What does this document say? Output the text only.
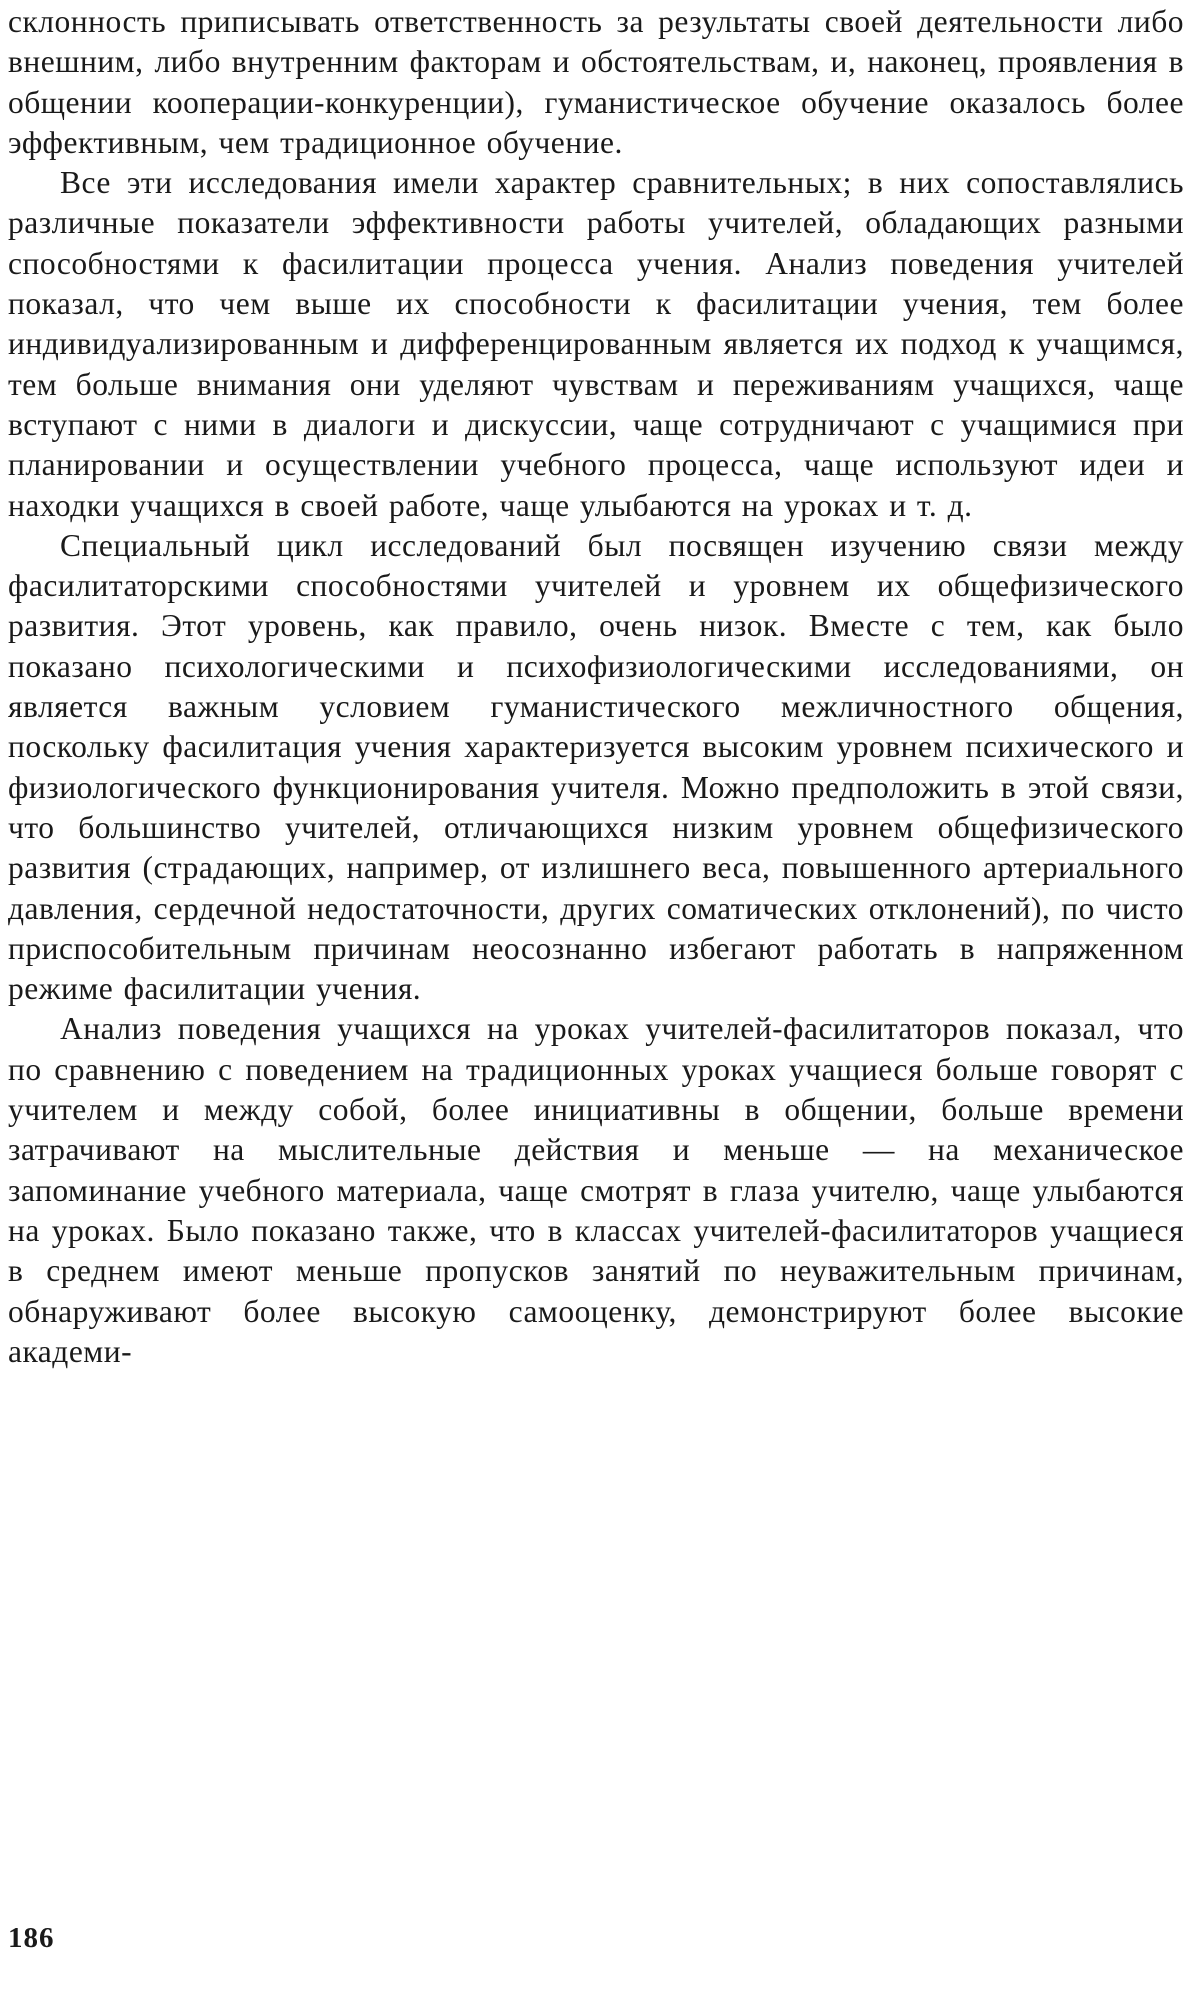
склонность приписывать ответственность за результаты своей деятельности либо внешним, либо внутренним факторам и обстоятельствам, и, наконец, проявления в общении кооперации-конкуренции), гуманистическое обучение оказалось более эффективным, чем традиционное обучение.

Все эти исследования имели характер сравнительных; в них сопоставлялись различные показатели эффективности работы учителей, обладающих разными способностями к фасилитации процесса учения. Анализ поведения учителей показал, что чем выше их способности к фасилитации учения, тем более индивидуализированным и дифференцированным является их подход к учащимся, тем больше внимания они уделяют чувствам и переживаниям учащихся, чаще вступают с ними в диалоги и дискуссии, чаще сотрудничают с учащимися при планировании и осуществлении учебного процесса, чаще используют идеи и находки учащихся в своей работе, чаще улыбаются на уроках и т. д.

Специальный цикл исследований был посвящен изучению связи между фасилитаторскими способностями учителей и уровнем их общефизического развития. Этот уровень, как правило, очень низок. Вместе с тем, как было показано психологическими и психофизиологическими исследованиями, он является важным условием гуманистического межличностного общения, поскольку фасилитация учения характеризуется высоким уровнем психического и физиологического функционирования учителя. Можно предположить в этой связи, что большинство учителей, отличающихся низким уровнем общефизического развития (страдающих, например, от излишнего веса, повышенного артериального давления, сердечной недостаточности, других соматических отклонений), по чисто приспособительным причинам неосознанно избегают работать в напряженном режиме фасилитации учения.

Анализ поведения учащихся на уроках учителей-фасилитаторов показал, что по сравнению с поведением на традиционных уроках учащиеся больше говорят с учителем и между собой, более инициативны в общении, больше времени затрачивают на мыслительные действия и меньше — на механическое запоминание учебного материала, чаще смотрят в глаза учителю, чаще улыбаются на уроках. Было показано также, что в классах учителей-фасилитаторов учащиеся в среднем имеют меньше пропусков занятий по неуважительным причинам, обнаруживают более высокую самооценку, демонстрируют более высокие академи-

186
